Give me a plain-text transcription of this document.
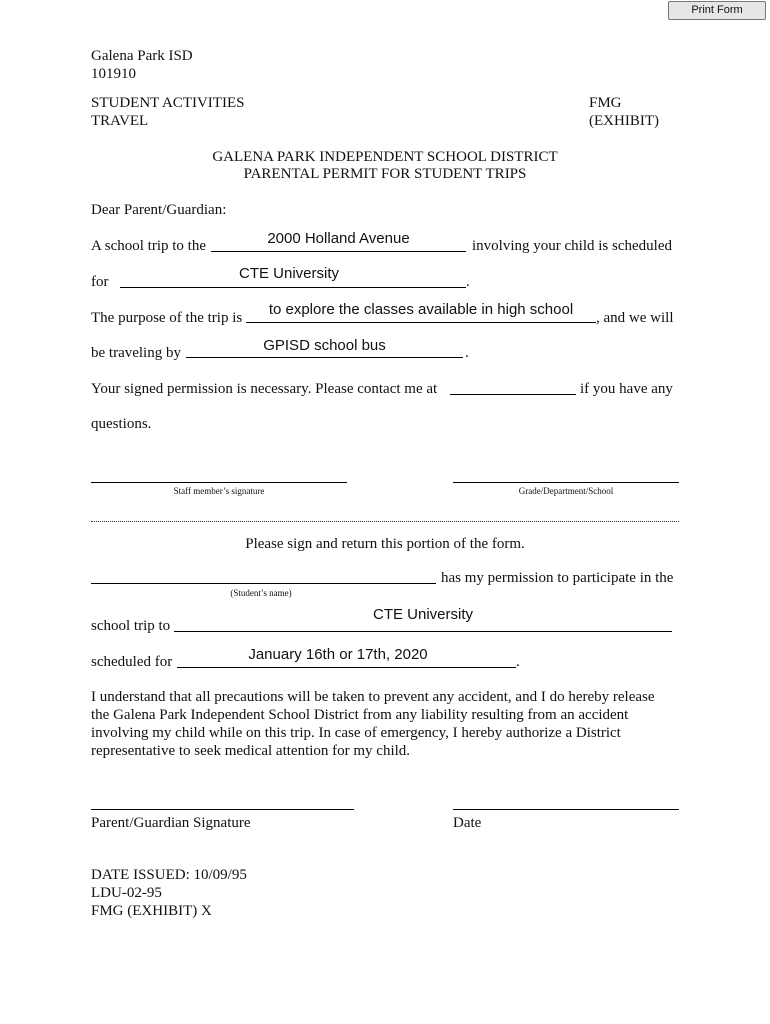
Print Form
Galena Park ISD
101910
STUDENT ACTIVITIES
TRAVEL
FMG
(EXHIBIT)
GALENA PARK INDEPENDENT SCHOOL DISTRICT
PARENTAL PERMIT FOR STUDENT TRIPS
Dear Parent/Guardian:
A school trip to the	2000 Holland Avenue	involving your child is scheduled
for	CTE University	.
The purpose of the trip is	to explore the classes available in high school	, and we will
be traveling by	GPISD school bus	.
Your signed permission is necessary. Please contact me at	if you have any
questions.
Staff member’s signature	Grade/Department/School
Please sign and return this portion of the form.
has my permission to participate in the
(Student’s name)
school trip to
CTE University
scheduled for	January 16th or 17th, 2020	.
I understand that all precautions will be taken to prevent any accident, and I do hereby release
the Galena Park Independent School District from any liability resulting from an accident
involving my child while on this trip. In case of emergency, I hereby authorize a District
representative to seek medical attention for my child.
Parent/Guardian Signature	Date
DATE ISSUED: 10/09/95
LDU-02-95
FMG (EXHIBIT) X
